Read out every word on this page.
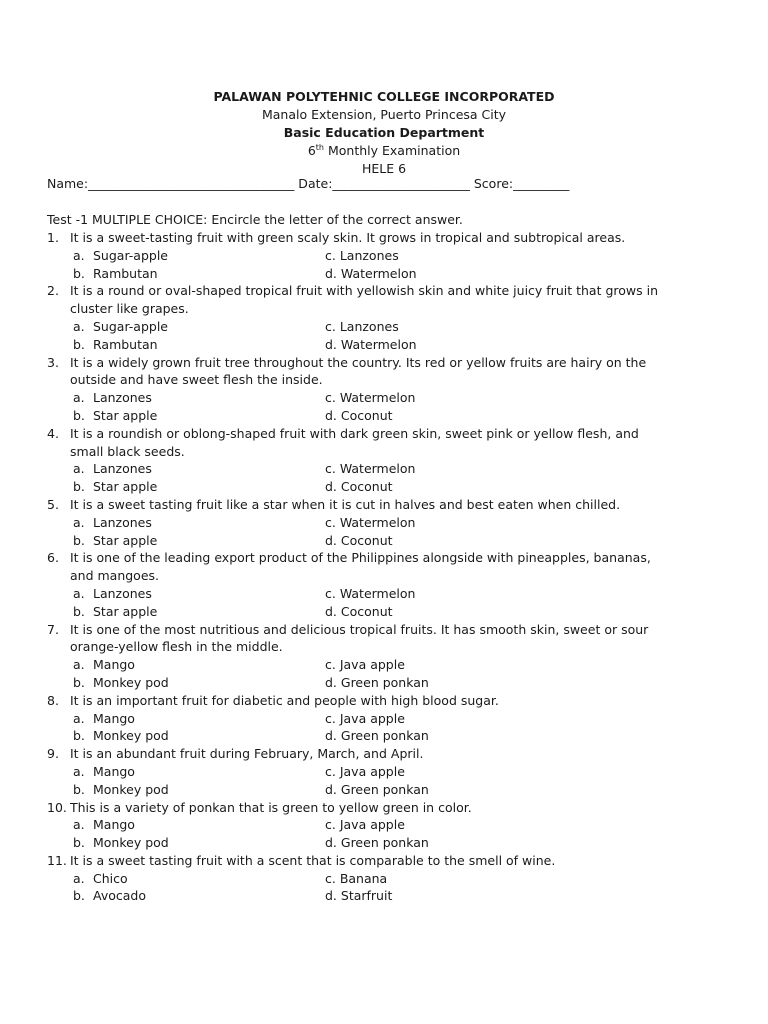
PALAWAN POLYTEHNIC COLLEGE INCORPORATED
Manalo Extension, Puerto Princesa City
Basic Education Department
6th Monthly Examination
HELE 6
Name:_________________________________ Date:______________________ Score:_________
Test -1 MULTIPLE CHOICE: Encircle the letter of the correct answer.
1. It is a sweet-tasting fruit with green scaly skin. It grows in tropical and subtropical areas.
a. Sugar-apple	c. Lanzones
b. Rambutan	d. Watermelon
2. It is a round or oval-shaped tropical fruit with yellowish skin and white juicy fruit that grows in
cluster like grapes.
a. Sugar-apple	c. Lanzones
b. Rambutan	d. Watermelon
3. It is a widely grown fruit tree throughout the country. Its red or yellow fruits are hairy on the
outside and have sweet flesh the inside.
a. Lanzones	c. Watermelon
b. Star apple	d. Coconut
4. It is a roundish or oblong-shaped fruit with dark green skin, sweet pink or yellow flesh, and
small black seeds.
a. Lanzones	c. Watermelon
b. Star apple	d. Coconut
5. It is a sweet tasting fruit like a star when it is cut in halves and best eaten when chilled.
a. Lanzones	c. Watermelon
b. Star apple	d. Coconut
6. It is one of the leading export product of the Philippines alongside with pineapples, bananas,
and mangoes.
a. Lanzones	c. Watermelon
b. Star apple	d. Coconut
7. It is one of the most nutritious and delicious tropical fruits. It has smooth skin, sweet or sour
orange-yellow flesh in the middle.
a. Mango	c. Java apple
b. Monkey pod	d. Green ponkan
8. It is an important fruit for diabetic and people with high blood sugar.
a. Mango	c. Java apple
b. Monkey pod	d. Green ponkan
9. It is an abundant fruit during February, March, and April.
a. Mango	c. Java apple
b. Monkey pod	d. Green ponkan
10. This is a variety of ponkan that is green to yellow green in color.
a. Mango	c. Java apple
b. Monkey pod	d. Green ponkan
11. It is a sweet tasting fruit with a scent that is comparable to the smell of wine.
a. Chico	c. Banana
b. Avocado	d. Starfruit
